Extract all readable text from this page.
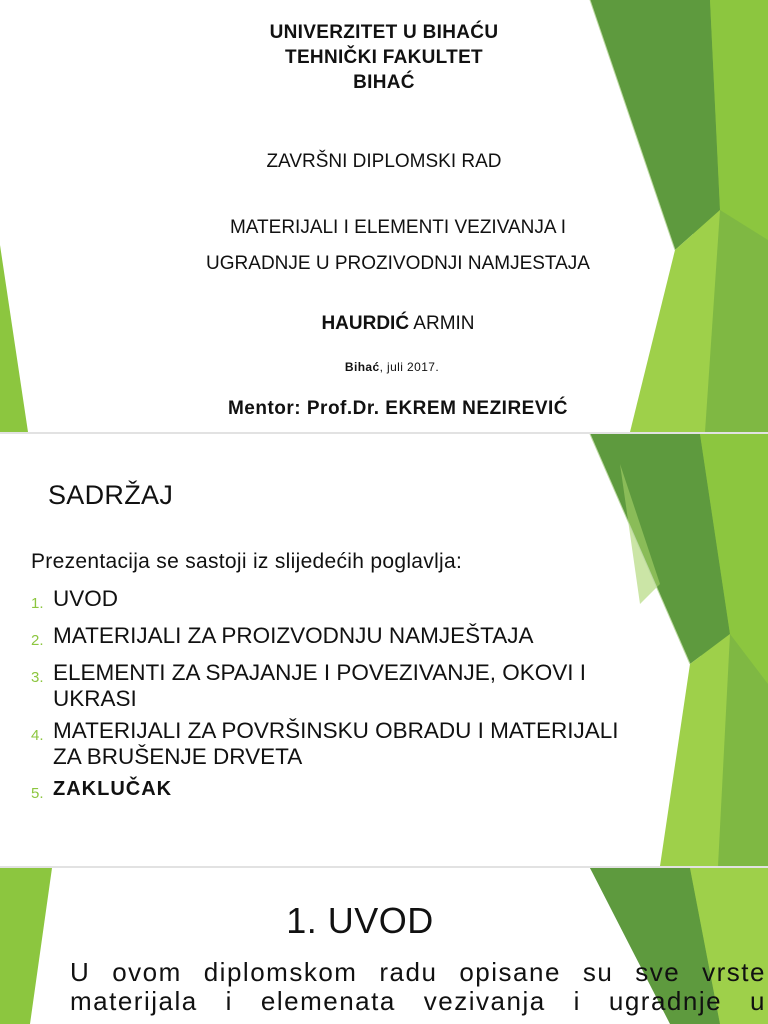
UNIVERZITET U BIHAĆU
TEHNIČKI FAKULTET
BIHAĆ
ZAVRŠNI DIPLOMSKI RAD
MATERIJALI I ELEMENTI VEZIVANJA I
UGRADNJE U PROZIVODNJI NAMJESTAJA
HAURDIĆ ARMIN
Bihać, juli 2017.
Mentor: Prof.Dr. EKREM NEZIREVIĆ
SADRŽAJ
Prezentacija se sastoji iz slijedećih poglavlja:
1. UVOD
2. MATERIJALI ZA PROIZVODNJU NAMJEŠTAJA
3. ELEMENTI ZA SPAJANJE I POVEZIVANJE, OKOVI I UKRASI
4. MATERIJALI ZA POVRŠINSKU OBRADU I MATERIJALI ZA BRUŠENJE DRVETA
5. ZAKLUČAK
1. UVOD
U ovom diplomskom radu opisane su sve vrste
materijala i elemenata vezivanja i ugradnje u
